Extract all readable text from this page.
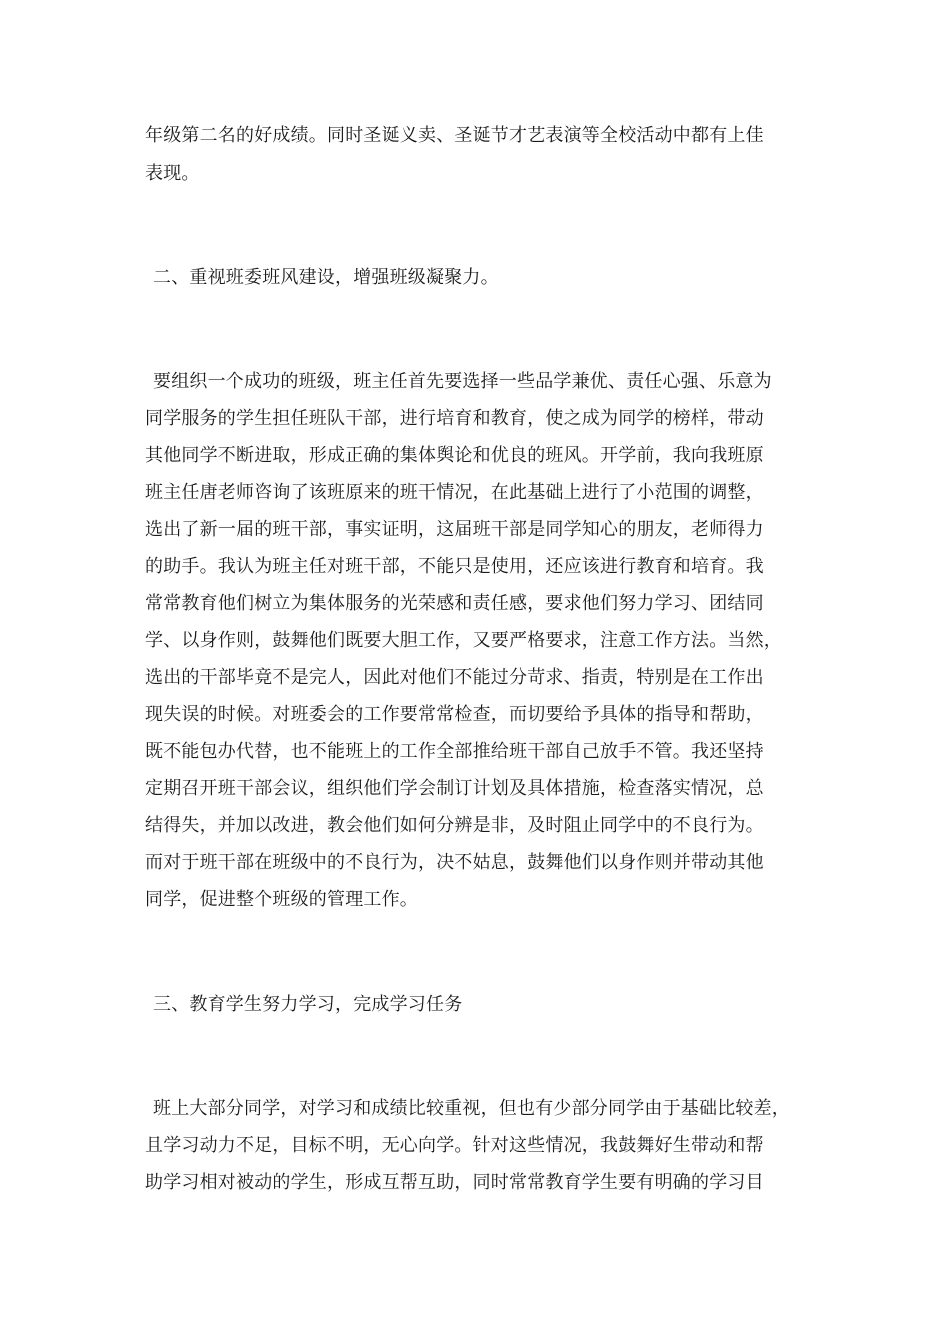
年级第二名的好成绩。同时圣诞义卖、圣诞节才艺表演等全校活动中都有上佳
表现。
二、重视班委班风建设，增强班级凝聚力。
要组织一个成功的班级，班主任首先要选择一些品学兼优、责任心强、乐意为
同学服务的学生担任班队干部，进行培育和教育，使之成为同学的榜样，带动
其他同学不断进取，形成正确的集体舆论和优良的班风。开学前，我向我班原
班主任唐老师咨询了该班原来的班干情况，在此基础上进行了小范围的调整，
选出了新一届的班干部，事实证明，这届班干部是同学知心的朋友，老师得力
的助手。我认为班主任对班干部，不能只是使用，还应该进行教育和培育。我
常常教育他们树立为集体服务的光荣感和责任感，要求他们努力学习、团结同
学、以身作则，鼓舞他们既要大胆工作，又要严格要求，注意工作方法。当然，
选出的干部毕竟不是完人，因此对他们不能过分苛求、指责，特别是在工作出
现失误的时候。对班委会的工作要常常检查，而切要给予具体的指导和帮助，
既不能包办代替，也不能班上的工作全部推给班干部自己放手不管。我还坚持
定期召开班干部会议，组织他们学会制订计划及具体措施，检查落实情况，总
结得失，并加以改进，教会他们如何分辨是非，及时阻止同学中的不良行为。
而对于班干部在班级中的不良行为，决不姑息，鼓舞他们以身作则并带动其他
同学，促进整个班级的管理工作。
三、教育学生努力学习，完成学习任务
班上大部分同学，对学习和成绩比较重视，但也有少部分同学由于基础比较差，
且学习动力不足，目标不明，无心向学。针对这些情况，我鼓舞好生带动和帮
助学习相对被动的学生，形成互帮互助，同时常常教育学生要有明确的学习目
